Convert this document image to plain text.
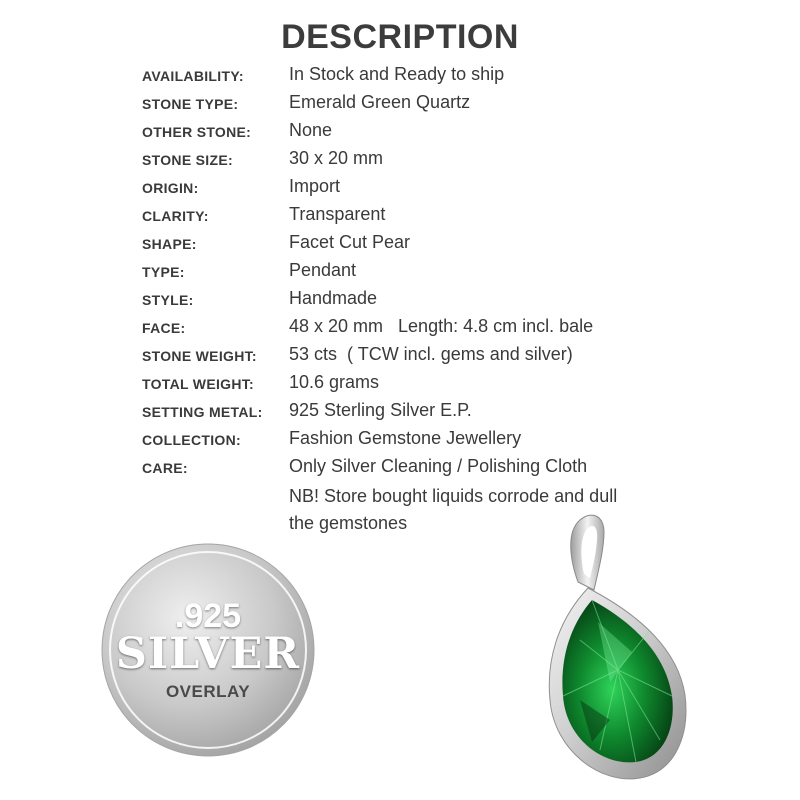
DESCRIPTION
AVAILABILITY:	In Stock and Ready to ship
STONE TYPE:	Emerald Green Quartz
OTHER STONE: None
STONE SIZE:	30 x 20 mm
ORIGIN:	Import
CLARITY:	Transparent
SHAPE:	Facet Cut Pear
TYPE:	Pendant
STYLE:	Handmade
FACE:	48 x 20 mm   Length: 4.8 cm incl. bale
STONE WEIGHT: 53 cts  ( TCW incl. gems and silver)
TOTAL WEIGHT: 10.6 grams
SETTING METAL: 925 Sterling Silver E.P.
COLLECTION:	Fashion Gemstone Jewellery
CARE:	Only Silver Cleaning / Polishing Cloth
NB! Store bought liquids corrode and dull
the gemstones
.925
SILVER
OVERLAY
